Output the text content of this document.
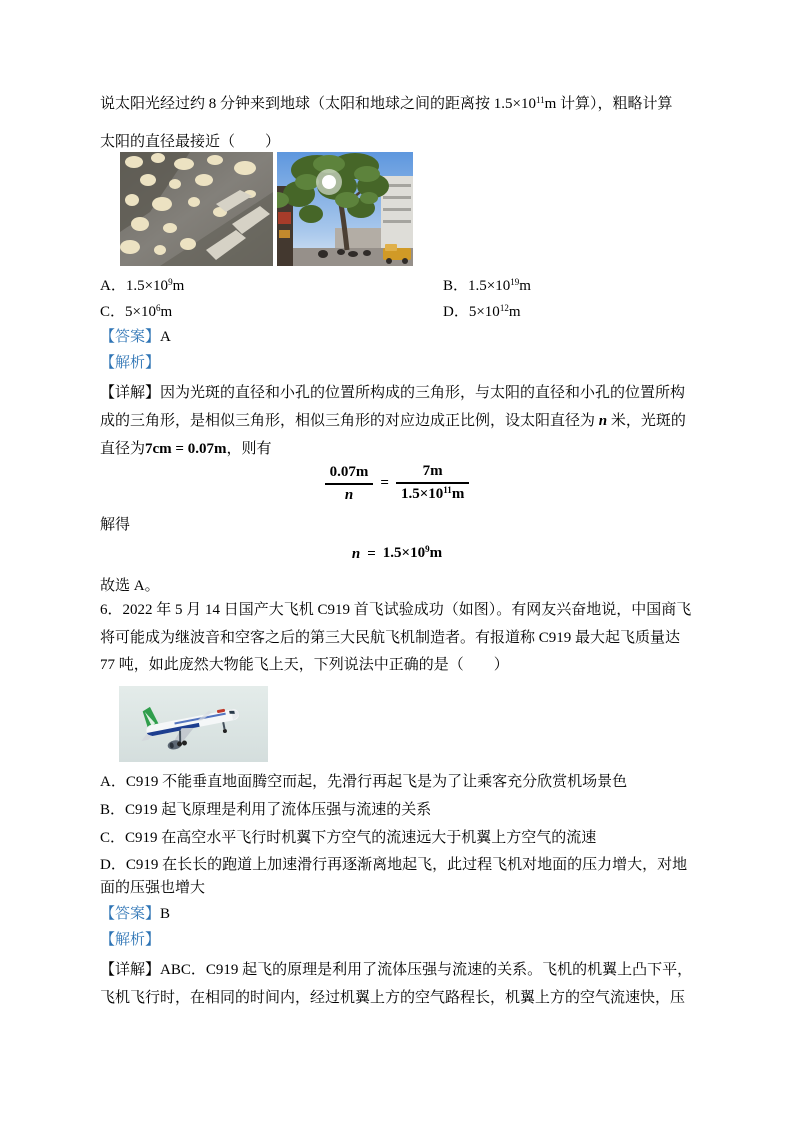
说太阳光经过约 8 分钟来到地球（太阳和地球之间的距离按 $1.5\times 10^{11}m$ 计算），粗略计算
太阳的直径最接近（　　）
A．$1.5\times 10^9m$	B．$1.5\times 10^{19}m$
C．$5\times 10^6m$	D．$5\times 10^{12}m$
【答案】A
【解析】
【详解】因为光斑的直径和小孔的位置所构成的三角形，与太阳的直径和小孔的位置所构
成的三角形，是相似三角形，相似三角形的对应边成正比例，设太阳直径为 n 米，光斑的
直径为7cm = 0.07m，则有
$\frac{0.07m}{n} = \frac{7m}{1.5\times 10^{11}m}$
解得
$n = 1.5\times 10^9m$
故选 A。
6．2022 年 5 月 14 日国产大飞机 C919 首飞试验成功（如图）。有网友兴奋地说，中国商飞
将可能成为继波音和空客之后的第三大民航飞机制造者。有报道称 C919 最大起飞质量达
77 吨，如此庞然大物能飞上天，下列说法中正确的是（　　）
A．C919 不能垂直地面腾空而起，先滑行再起飞是为了让乘客充分欣赏机场景色
B．C919 起飞原理是利用了流体压强与流速的关系
C．C919 在高空水平飞行时机翼下方空气的流速远大于机翼上方空气的流速
D．C919 在长长的跑道上加速滑行再逐渐离地起飞，此过程飞机对地面的压力增大，对地
面的压强也增大
【答案】B
【解析】
【详解】ABC．C919 起飞的原理是利用了流体压强与流速的关系。飞机的机翼上凸下平，
飞机飞行时，在相同的时间内，经过机翼上方的空气路程长，机翼上方的空气流速快，压
